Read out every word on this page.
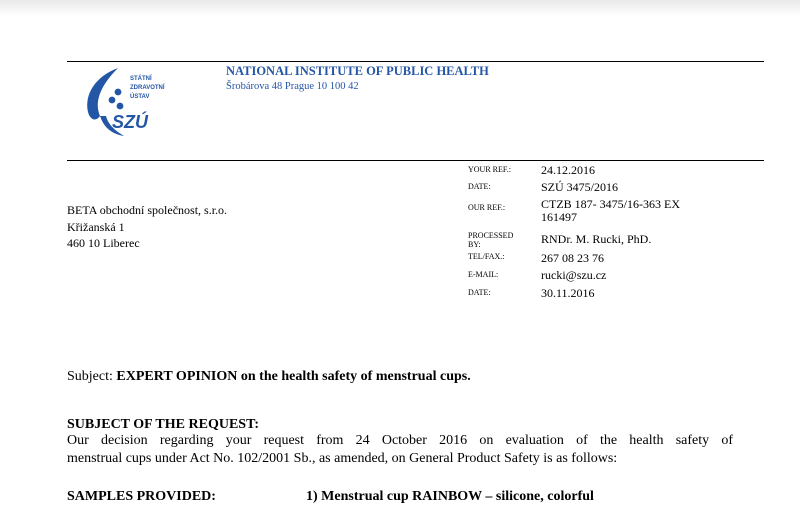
STÁTNÍ
ZDRAVOTNÍ
ÚSTAV
SZÚ
NATIONAL INSTITUTE OF PUBLIC HEALTH
Šrobárova 48 Prague 10 100 42
BETA obchodní společnost, s.r.o.
Křižanská 1
460 10 Liberec
YOUR REF.:	24.12.2016
DATE:	SZÚ 3475/2016
OUR REF.:	CTZB 187- 3475/16-363 EX
161497
PROCESSED
BY:	RNDr. M. Rucki, PhD.
TEL/FAX.:	267 08 23 76
E-MAIL:	rucki@szu.cz
DATE:	30.11.2016
Subject: EXPERT OPINION on the health safety of menstrual cups.
SUBJECT OF THE REQUEST:
Our decision regarding your request from 24 October 2016 on evaluation of the health safety of
menstrual cups under Act No. 102/2001 Sb., as amended, on General Product Safety is as follows:
SAMPLES PROVIDED:	1) Menstrual cup RAINBOW – silicone, colorful
